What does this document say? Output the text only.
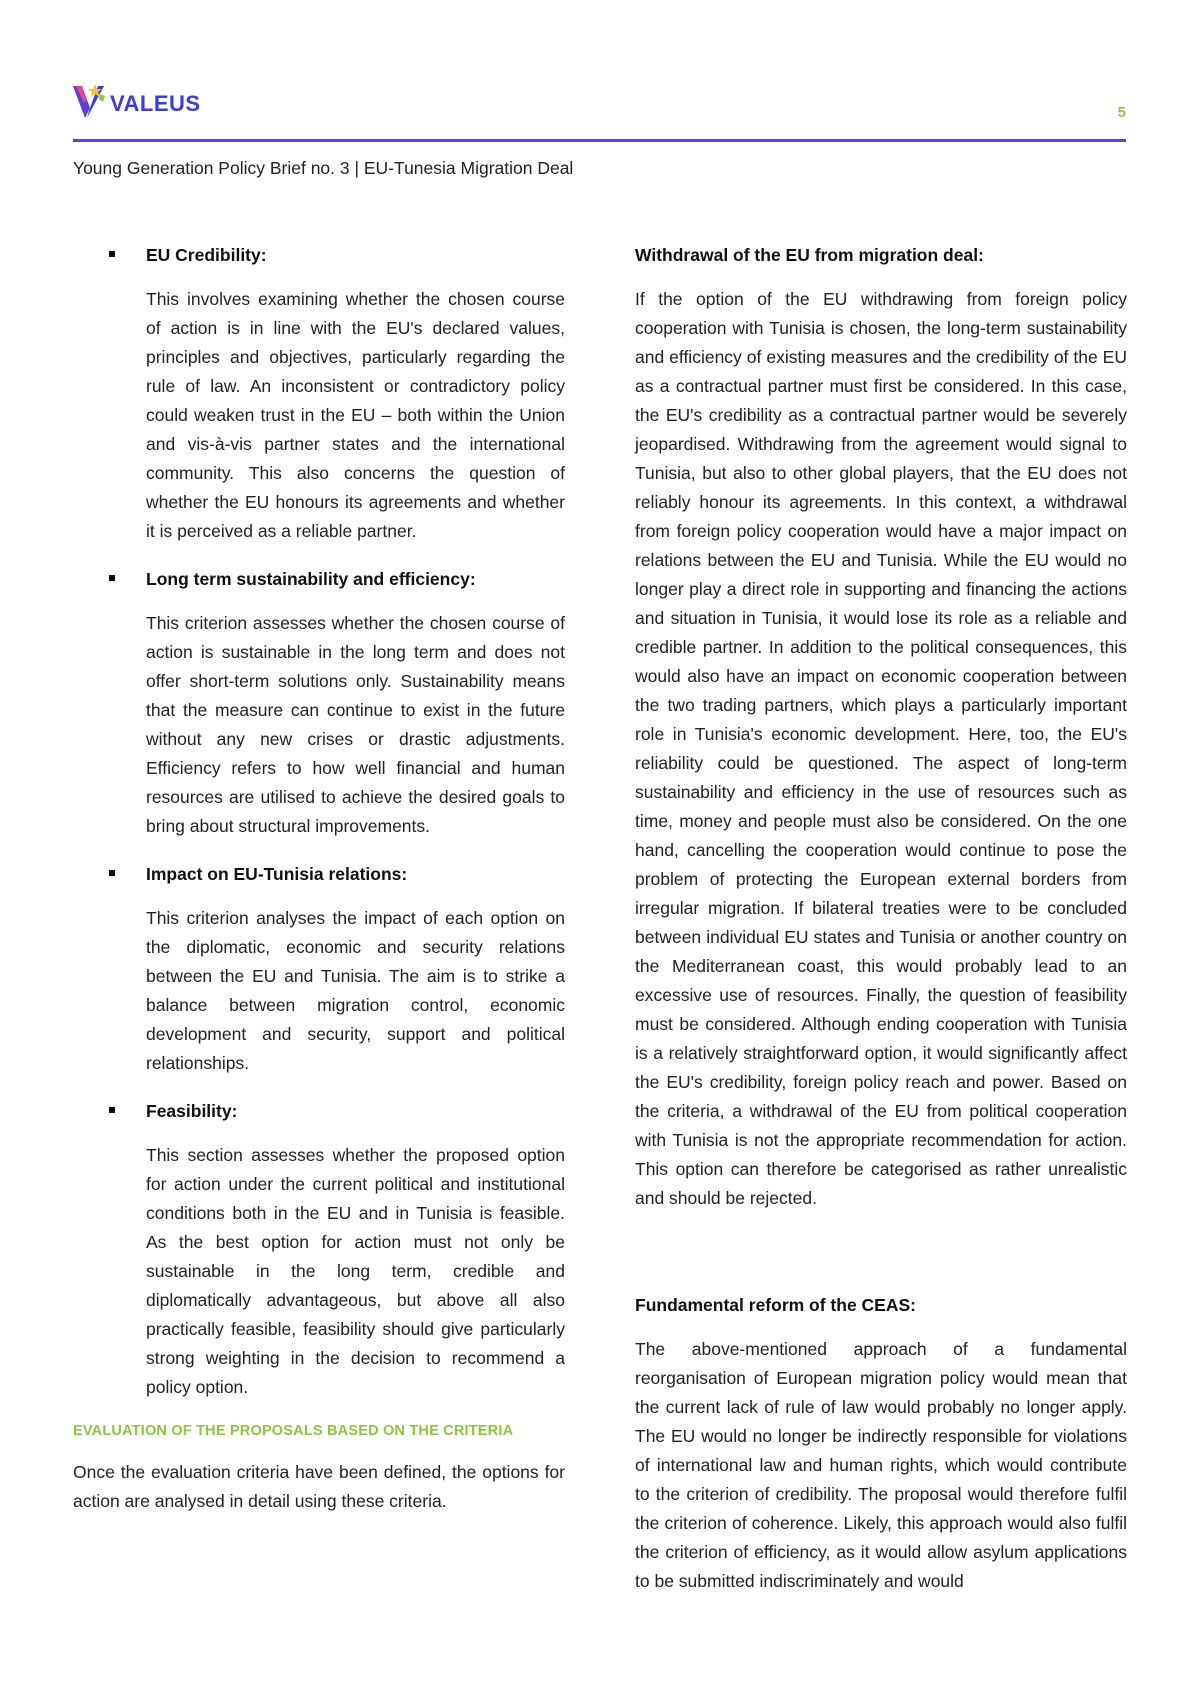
VALEUS	5
Young Generation Policy Brief no. 3 | EU-Tunesia Migration Deal

EU Credibility:

This involves examining whether the chosen course of action is in line with the EU's declared values, principles and objectives, particularly regarding the rule of law. An inconsistent or contradictory policy could weaken trust in the EU – both within the Union and vis-à-vis partner states and the international community. This also concerns the question of whether the EU honours its agreements and whether it is perceived as a reliable partner.

Long term sustainability and efficiency:

This criterion assesses whether the chosen course of action is sustainable in the long term and does not offer short-term solutions only. Sustainability means that the measure can continue to exist in the future without any new crises or drastic adjustments. Efficiency refers to how well financial and human resources are utilised to achieve the desired goals to bring about structural improvements.

Impact on EU-Tunisia relations:

This criterion analyses the impact of each option on the diplomatic, economic and security relations between the EU and Tunisia. The aim is to strike a balance between migration control, economic development and security, support and political relationships.

Feasibility:

This section assesses whether the proposed option for action under the current political and institutional conditions both in the EU and in Tunisia is feasible. As the best option for action must not only be sustainable in the long term, credible and diplomatically advantageous, but above all also practically feasible, feasibility should give particularly strong weighting in the decision to recommend a policy option.

EVALUATION OF THE PROPOSALS BASED ON THE CRITERIA

Once the evaluation criteria have been defined, the options for action are analysed in detail using these criteria.

Withdrawal of the EU from migration deal:

If the option of the EU withdrawing from foreign policy cooperation with Tunisia is chosen, the long-term sustainability and efficiency of existing measures and the credibility of the EU as a contractual partner must first be considered. In this case, the EU's credibility as a contractual partner would be severely jeopardised. Withdrawing from the agreement would signal to Tunisia, but also to other global players, that the EU does not reliably honour its agreements. In this context, a withdrawal from foreign policy cooperation would have a major impact on relations between the EU and Tunisia. While the EU would no longer play a direct role in supporting and financing the actions and situation in Tunisia, it would lose its role as a reliable and credible partner. In addition to the political consequences, this would also have an impact on economic cooperation between the two trading partners, which plays a particularly important role in Tunisia's economic development. Here, too, the EU's reliability could be questioned. The aspect of long-term sustainability and efficiency in the use of resources such as time, money and people must also be considered. On the one hand, cancelling the cooperation would continue to pose the problem of protecting the European external borders from irregular migration. If bilateral treaties were to be concluded between individual EU states and Tunisia or another country on the Mediterranean coast, this would probably lead to an excessive use of resources. Finally, the question of feasibility must be considered. Although ending cooperation with Tunisia is a relatively straightforward option, it would significantly affect the EU's credibility, foreign policy reach and power. Based on the criteria, a withdrawal of the EU from political cooperation with Tunisia is not the appropriate recommendation for action. This option can therefore be categorised as rather unrealistic and should be rejected.

Fundamental reform of the CEAS:

The above-mentioned approach of a fundamental reorganisation of European migration policy would mean that the current lack of rule of law would probably no longer apply. The EU would no longer be indirectly responsible for violations of international law and human rights, which would contribute to the criterion of credibility. The proposal would therefore fulfil the criterion of coherence. Likely, this approach would also fulfil the criterion of efficiency, as it would allow asylum applications to be submitted indiscriminately and would
